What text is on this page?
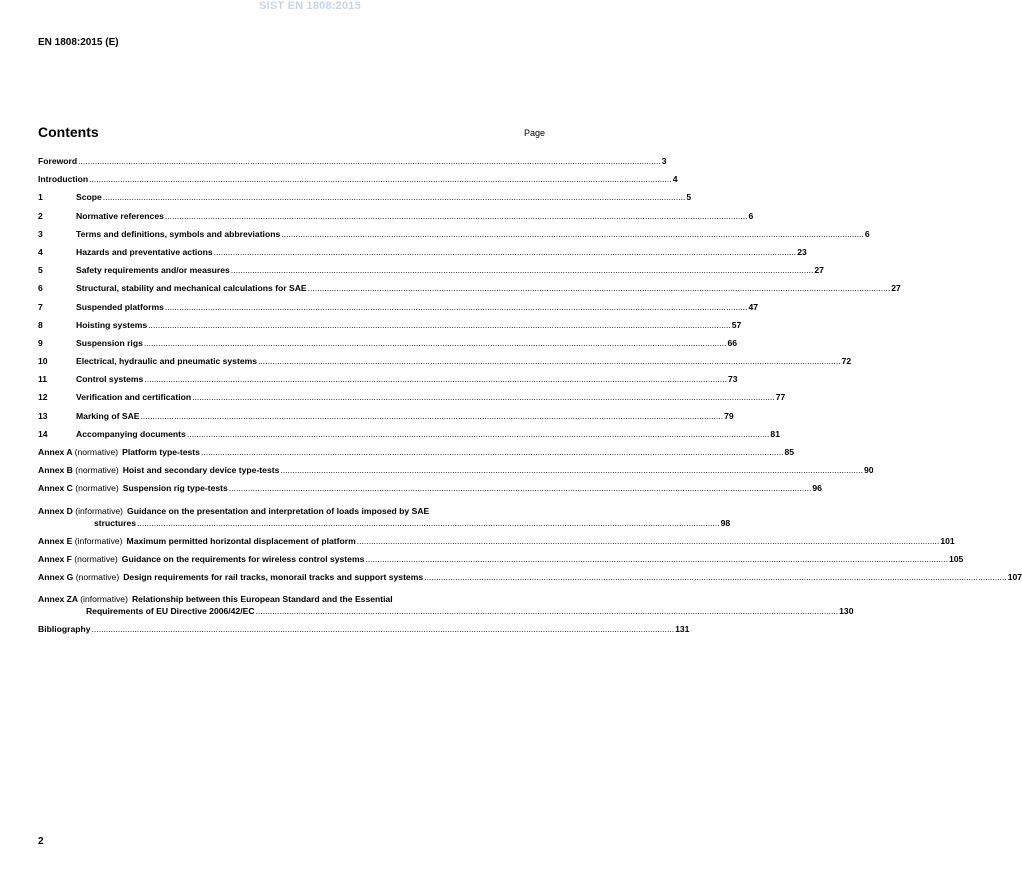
SIST EN 1808:2015
EN 1808:2015 (E)
Contents	Page
Foreword .....	3
Introduction .....	4
1	Scope .....	5
2	Normative references .....	6
3	Terms and definitions, symbols and abbreviations .....	6
4	Hazards and preventative actions .....	23
5	Safety requirements and/or measures .....	27
6	Structural, stability and mechanical calculations for SAE .....	27
7	Suspended platforms .....	47
8	Hoisting systems .....	57
9	Suspension rigs .....	66
10	Electrical, hydraulic and pneumatic systems .....	72
11	Control systems .....	73
12	Verification and certification .....	77
13	Marking of SAE .....	79
14	Accompanying documents .....	81
Annex A (normative) Platform type-tests .....	85
Annex B (normative) Hoist and secondary device type-tests .....	90
Annex C (normative) Suspension rig type-tests .....	96
Annex D (informative) Guidance on the presentation and interpretation of loads imposed by SAE
structures .....	98
Annex E (informative) Maximum permitted horizontal displacement of platform .....	101
Annex F (normative) Guidance on the requirements for wireless control systems .....	105
Annex G (normative) Design requirements for rail tracks, monorail tracks and support systems .....	107
Annex ZA (informative) Relationship between this European Standard and the Essential
Requirements of EU Directive 2006/42/EC .....	130
Bibliography .....	131
2
